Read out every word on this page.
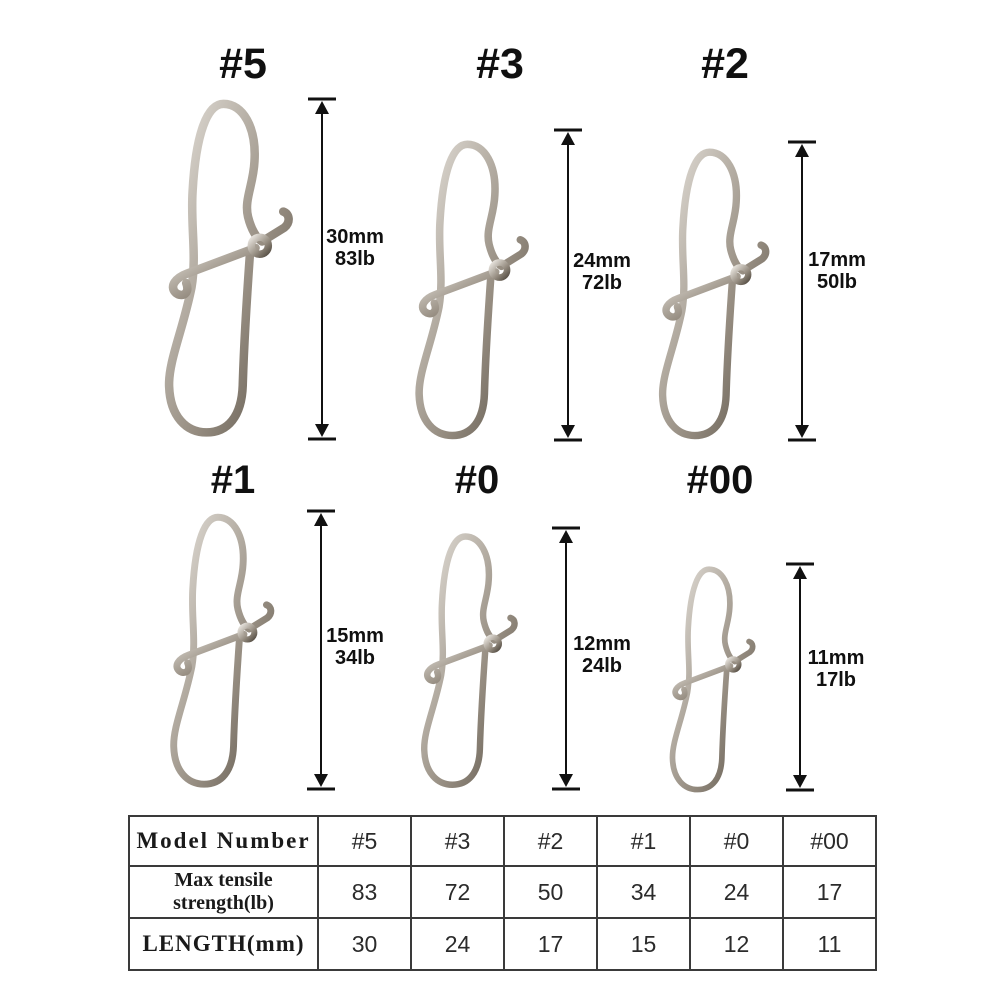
#5
30mm
83lb
#3
24mm
72lb
#2
17mm
50lb
#1
15mm
34lb
#0
12mm
24lb
#00
11mm
17lb
Model Number	#5	#3	#2	#1	#0	#00
Max tensile strength(lb)	83	72	50	34	24	17
LENGTH(mm)	30	24	17	15	12	11
